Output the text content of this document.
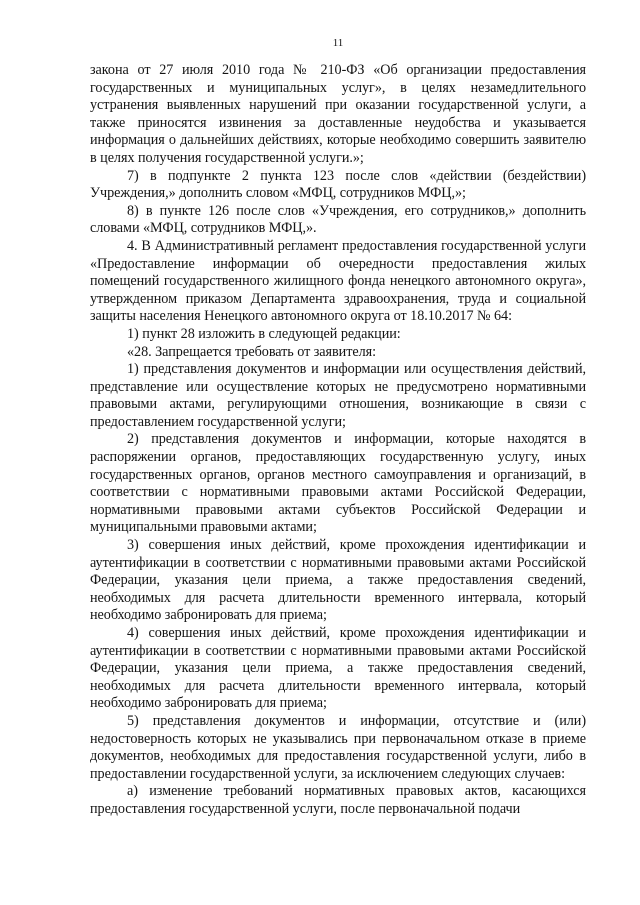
11

закона от 27 июля 2010 года № 210-ФЗ «Об организации предоставления государственных и муниципальных услуг», в целях незамедлительного устранения выявленных нарушений при оказании государственной услуги, а также приносятся извинения за доставленные неудобства и указывается информация о дальнейших действиях, которые необходимо совершить заявителю в целях получения государственной услуги.»;

7) в подпункте 2 пункта 123 после слов «действии (бездействии) Учреждения,» дополнить словом «МФЦ, сотрудников МФЦ,»;

8) в пункте 126 после слов «Учреждения, его сотрудников,» дополнить словами «МФЦ, сотрудников МФЦ,».

4. В Административный регламент предоставления государственной услуги «Предоставление информации об очередности предоставления жилых помещений государственного жилищного фонда ненецкого автономного округа», утвержденном приказом Департамента здравоохранения, труда и социальной защиты населения Ненецкого автономного округа от 18.10.2017 № 64:

1) пункт 28 изложить в следующей редакции:

«28. Запрещается требовать от заявителя:

1) представления документов и информации или осуществления действий, представление или осуществление которых не предусмотрено нормативными правовыми актами, регулирующими отношения, возникающие в связи с предоставлением государственной услуги;

2) представления документов и информации, которые находятся в распоряжении органов, предоставляющих государственную услугу, иных государственных органов, органов местного самоуправления и организаций, в соответствии с нормативными правовыми актами Российской Федерации, нормативными правовыми актами субъектов Российской Федерации и муниципальными правовыми актами;

3) совершения иных действий, кроме прохождения идентификации и аутентификации в соответствии с нормативными правовыми актами Российской Федерации, указания цели приема, а также предоставления сведений, необходимых для расчета длительности временного интервала, который необходимо забронировать для приема;

4) совершения иных действий, кроме прохождения идентификации и аутентификации в соответствии с нормативными правовыми актами Российской Федерации, указания цели приема, а также предоставления сведений, необходимых для расчета длительности временного интервала, который необходимо забронировать для приема;

5) представления документов и информации, отсутствие и (или) недостоверность которых не указывались при первоначальном отказе в приеме документов, необходимых для предоставления государственной услуги, либо в предоставлении государственной услуги, за исключением следующих случаев:

а) изменение требований нормативных правовых актов, касающихся предоставления государственной услуги, после первоначальной подачи
